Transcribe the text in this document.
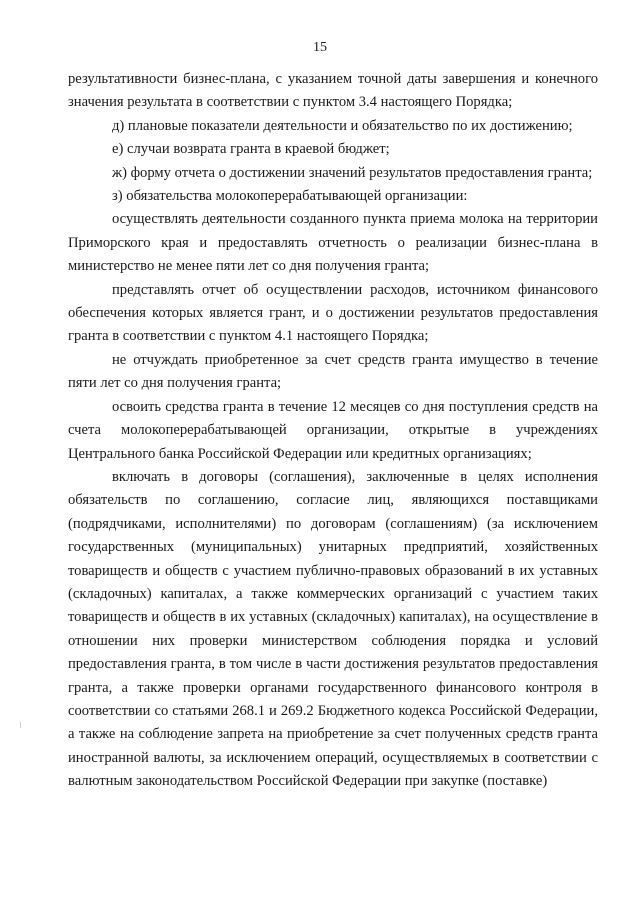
15

результативности бизнес-плана, с указанием точной даты завершения и конечного значения результата в соответствии с пунктом 3.4 настоящего Порядка;

д) плановые показатели деятельности и обязательство по их достижению;

е) случаи возврата гранта в краевой бюджет;

ж) форму отчета о достижении значений результатов предоставления гранта;

з) обязательства молокоперерабатывающей организации:

осуществлять деятельности созданного пункта приема молока на территории Приморского края и предоставлять отчетность о реализации бизнес-плана в министерство не менее пяти лет со дня получения гранта;

представлять отчет об осуществлении расходов, источником финансового обеспечения которых является грант, и о достижении результатов предоставления гранта в соответствии с пунктом 4.1 настоящего Порядка;

не отчуждать приобретенное за счет средств гранта имущество в течение пяти лет со дня получения гранта;

освоить средства гранта в течение 12 месяцев со дня поступления средств на счета молокоперерабатывающей организации, открытые в учреждениях Центрального банка Российской Федерации или кредитных организациях;

включать в договоры (соглашения), заключенные в целях исполнения обязательств по соглашению, согласие лиц, являющихся поставщиками (подрядчиками, исполнителями) по договорам (соглашениям) (за исключением государственных (муниципальных) унитарных предприятий, хозяйственных товариществ и обществ с участием публично-правовых образований в их уставных (складочных) капиталах, а также коммерческих организаций с участием таких товариществ и обществ в их уставных (складочных) капиталах), на осуществление в отношении них проверки министерством соблюдения порядка и условий предоставления гранта, в том числе в части достижения результатов предоставления гранта, а также проверки органами государственного финансового контроля в соответствии со статьями 268.1 и 269.2 Бюджетного кодекса Российской Федерации, а также на соблюдение запрета на приобретение за счет полученных средств гранта иностранной валюты, за исключением операций, осуществляемых в соответствии с валютным законодательством Российской Федерации при закупке (поставке)
